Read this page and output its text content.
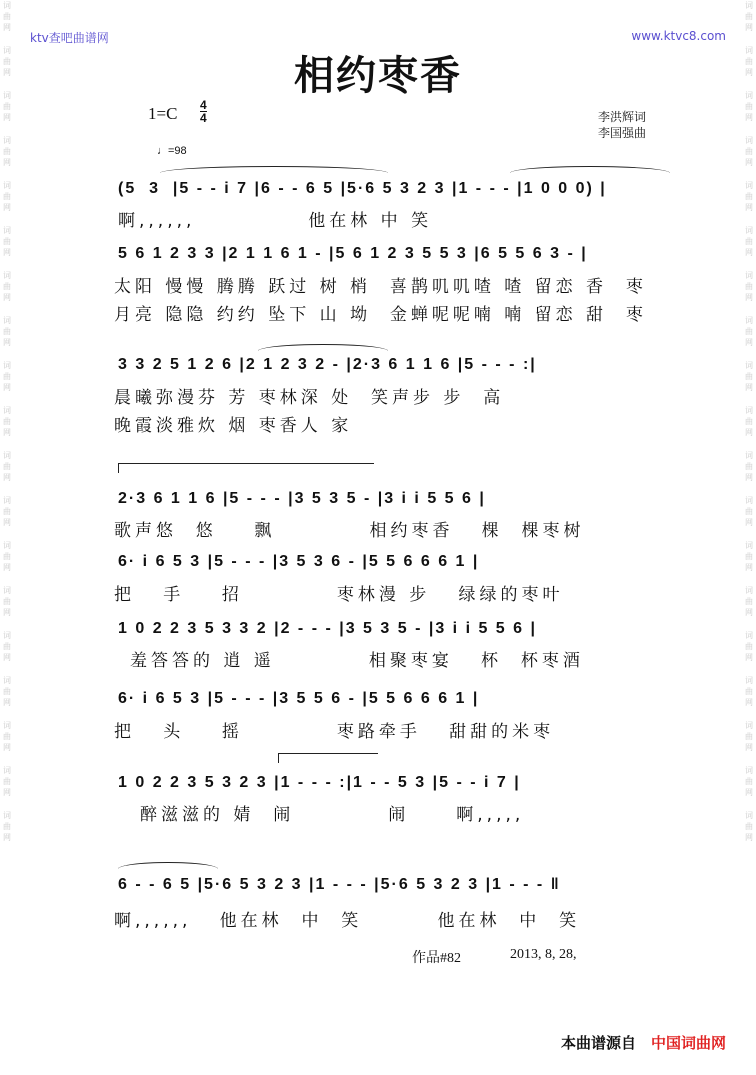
词
曲
网
词
曲
网
词
曲
网
词
曲
网
词
曲
网
词
曲
网
词
曲
网
词
曲
网
词
曲
网
词
曲
网
词
曲
网
词
曲
网
词
曲
网
词
曲
网
词
曲
网
词
曲
网
词
曲
网
词
曲
网
词
曲
网
词
曲
网
词
曲
网
词
曲
网
词
曲
网
词
曲
网
词
曲
网
词
曲
网
词
曲
网
词
曲
网
词
曲
网
词
曲
网
词
曲
网
词
曲
网
词
曲
网
词
曲
网
词
曲
网
词
曲
网
词
曲
网
词
曲
网
ktv查吧曲谱网	www.ktvc8.com
相约枣香
1=C 4
4	李洪辉词
李国强曲
♩=98
(5  3  |5 - - i 7 |6 - - 6 5 |5·6 5 3 2 3 |1 - - - |1 0 0 0) |
啊,,,,,,            他在林 中 笑
5 6 1 2 3 3 |2 1 1 6 1 - |5 6 1 2 3 5 5 3 |6 5 5 6 3 - |
太阳 慢慢 腾腾 跃过 树 梢  喜鹊叽叽喳 喳 留恋 香  枣
月亮 隐隐 约约 坠下 山 坳  金蝉呢呢喃 喃 留恋 甜  枣
3 3 2 5 1 2 6 |2 1 2 3 2 - |2·3 6 1 1 6 |5 - - - :|
晨曦弥漫芬 芳 枣林深 处  笑声步 步  高
晚霞淡雅炊 烟 枣香人 家
2·3 6 1 1 6 |5 - - - |3 5 3 5 - |3 i i 5 5 6 |
歌声悠  悠    飘          相约枣香   棵  棵枣树
6· i 6 5 3 |5 - - - |3 5 3 6 - |5 5 6 6 6 1 |
把   手    招          枣林漫 步   绿绿的枣叶
1 0 2 2 3 5 3 3 2 |2 - - - |3 5 3 5 - |3 i i 5 5 6 |
羞答答的 逍 遥          相聚枣宴   杯  杯枣酒
6· i 6 5 3 |5 - - - |3 5 5 6 - |5 5 6 6 6 1 |
把   头    摇          枣路牵手   甜甜的米枣
1 0 2 2 3 5 3 2 3 |1 - - - :|1 - - 5 3 |5 - - i 7 |
醉滋滋的 婧  闹          闹     啊,,,,,
6 - - 6 5 |5·6 5 3 2 3 |1 - - - |5·6 5 3 2 3 |1 - - - ‖
啊,,,,,,   他在林  中  笑        他在林  中  笑
作品#82	2013, 8, 28,
本曲谱源自 中国词曲网
